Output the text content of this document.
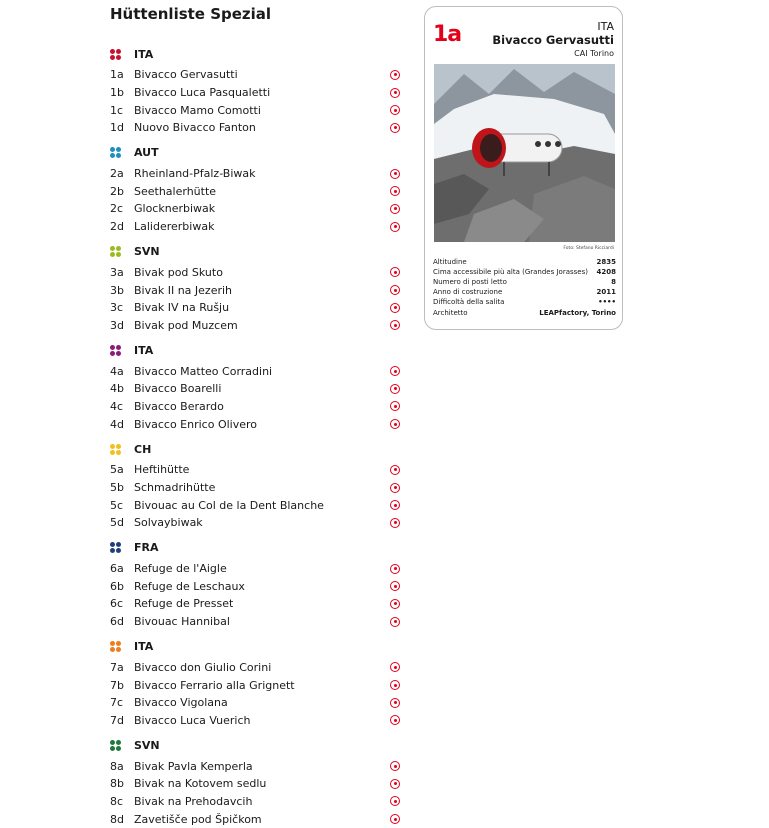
Hüttenliste Spezial
ITA
1a Bivacco Gervasutti
1b Bivacco Luca Pasqualetti
1c Bivacco Mamo Comotti
1d Nuovo Bivacco Fanton
AUT
2a Rheinland-Pfalz-Biwak
2b Seethalerhütte
2c Glocknerbiwak
2d Lalidererbiwak
SVN
3a Bivak pod Skuto
3b Bivak II na Jezerih
3c Bivak IV na Rušju
3d Bivak pod Muzcem
ITA
4a Bivacco Matteo Corradini
4b Bivacco Boarelli
4c Bivacco Berardo
4d Bivacco Enrico Olivero
CH
5a Heftihütte
5b Schmadrihütte
5c Bivouac au Col de la Dent Blanche
5d Solvaybiwak
FRA
6a Refuge de l'Aigle
6b Refuge de Leschaux
6c Refuge de Presset
6d Bivouac Hannibal
ITA
7a Bivacco don Giulio Corini
7b Bivacco Ferrario alla Grignett
7c Bivacco Vigolana
7d Bivacco Luca Vuerich
SVN
8a Bivak Pavla Kemperla
8b Bivak na Kotovem sedlu
8c Bivak na Prehodavcih
8d Zavetišče pod Špičkom
1a	ITA
Bivacco Gervasutti
CAI Torino
Foto: Stefano Ricciardi
Altitudine	2835
Cima accessibile più alta (Grandes Jorasses) 4208
Numero di posti letto	8
Anno di costruzione	2011
Difficoltà della salita	••••
Architetto	LEAPfactory, Torino
